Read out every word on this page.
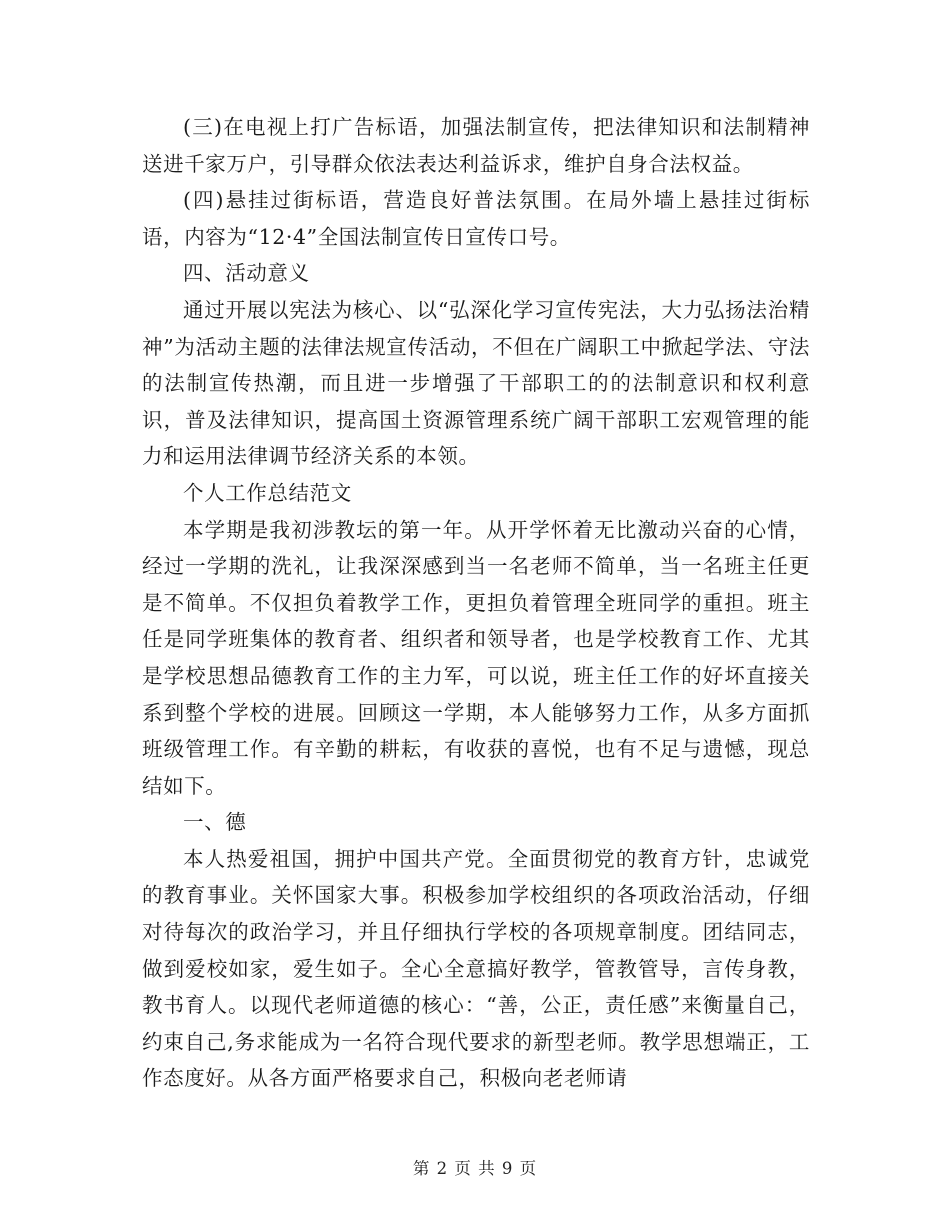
(三)在电视上打广告标语，加强法制宣传，把法律知识和法制精神送进千家万户，引导群众依法表达利益诉求，维护自身合法权益。

(四)悬挂过街标语，营造良好普法氛围。在局外墙上悬挂过街标语，内容为“12·4”全国法制宣传日宣传口号。

四、活动意义

通过开展以宪法为核心、以“弘深化学习宣传宪法，大力弘扬法治精神”为活动主题的法律法规宣传活动，不但在广阔职工中掀起学法、守法的法制宣传热潮，而且进一步增强了干部职工的的法制意识和权利意识，普及法律知识，提高国土资源管理系统广阔干部职工宏观管理的能力和运用法律调节经济关系的本领。

个人工作总结范文

本学期是我初涉教坛的第一年。从开学怀着无比激动兴奋的心情，经过一学期的洗礼，让我深深感到当一名老师不简单，当一名班主任更是不简单。不仅担负着教学工作，更担负着管理全班同学的重担。班主任是同学班集体的教育者、组织者和领导者，也是学校教育工作、尤其是学校思想品德教育工作的主力军，可以说，班主任工作的好坏直接关系到整个学校的进展。回顾这一学期，本人能够努力工作，从多方面抓班级管理工作。有辛勤的耕耘，有收获的喜悦，也有不足与遗憾，现总结如下。

一、德

本人热爱祖国，拥护中国共产党。全面贯彻党的教育方针，忠诚党的教育事业。关怀国家大事。积极参加学校组织的各项政治活动，仔细对待每次的政治学习，并且仔细执行学校的各项规章制度。团结同志，做到爱校如家，爱生如子。全心全意搞好教学，管教管导，言传身教，教书育人。以现代老师道德的核心：“善，公正，责任感”来衡量自己，约束自己,务求能成为一名符合现代要求的新型老师。教学思想端正，工作态度好。从各方面严格要求自己，积极向老老师请

第 2 页 共 9 页
